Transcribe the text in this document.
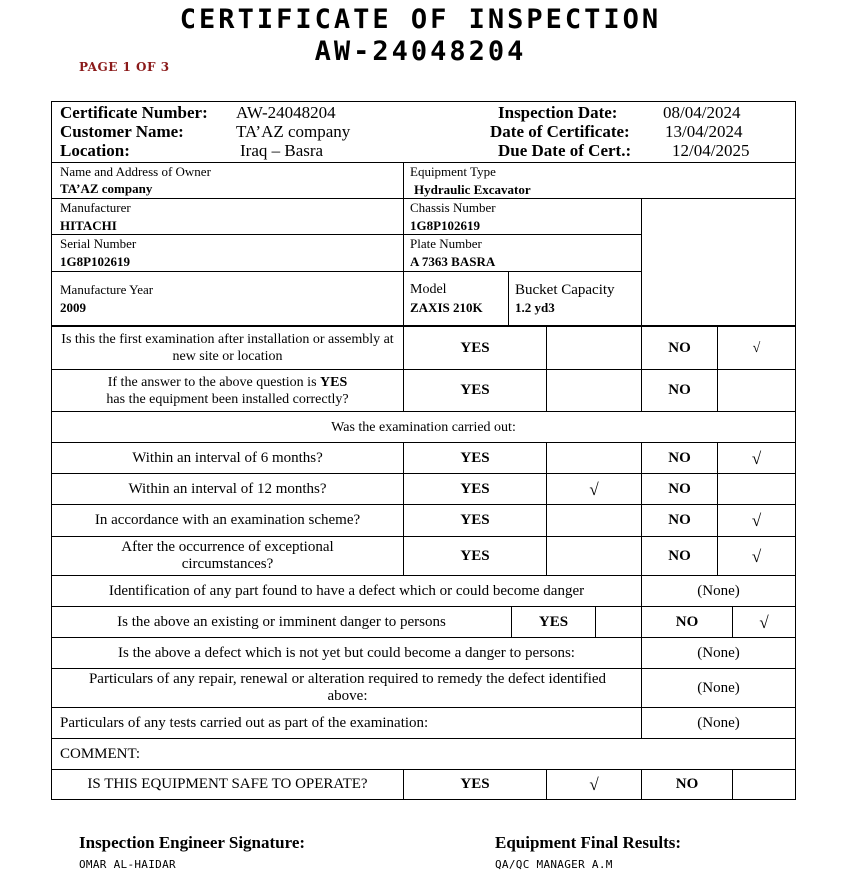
CERTIFICATE OF INSPECTION
AW-24048204
PAGE 1 OF 3
Certificate Number: AW-24048204
Customer Name:	TA’AZ company
Location:	Iraq – Basra
Inspection Date:	08/04/2024
Date of Certificate: 13/04/2024
Due Date of Cert.: 12/04/2025
Name and Address of Owner
TA’AZ company
Equipment Type
Hydraulic Excavator
Manufacturer
HITACHI
Chassis Number
1G8P102619
Serial Number
1G8P102619
Plate Number
A 7363 BASRA
Manufacture Year
2009
Model
ZAXIS 210K
Bucket Capacity
1.2 yd3
Is this the first examination after installation or assembly at new site or location
YES	NO	√
If the answer to the above question is YES
has the equipment been installed correctly?
YES	NO
Was the examination carried out:
Within an interval of 6 months?	YES	NO	√
Within an interval of 12 months?	YES	√	NO
In accordance with an examination scheme?	YES	NO	√
After the occurrence of exceptional circumstances?
YES	NO	√
Identification of any part found to have a defect which or could become danger	(None)
Is the above an existing or imminent danger to persons	YES	NO	√
Is the above a defect which is not yet but could become a danger to persons:	(None)
Particulars of any repair, renewal or alteration required to remedy the defect identified above:
(None)
Particulars of any tests carried out as part of the examination:	(None)
COMMENT:
IS THIS EQUIPMENT SAFE TO OPERATE?	YES	√	NO
Inspection Engineer Signature:
OMAR AL-HAIDAR
Equipment Final Results:
QA/QC MANAGER A.M
